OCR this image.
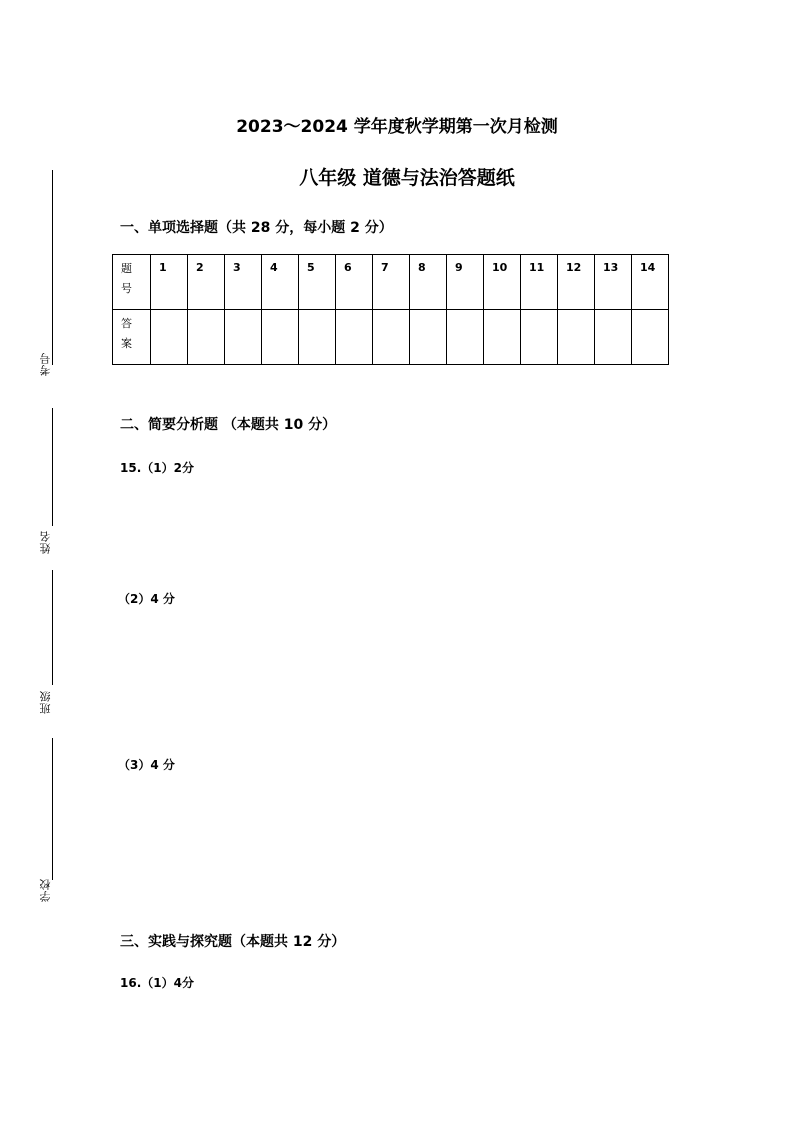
考号
姓名
班级
学校
2023～2024 学年度秋学期第一次月检测
八年级 道德与法治答题纸
一、单项选择题（共 28 分，每小题 2 分）
题号	1	2	3	4	5	6	7	8	9	10	11	12	13	14

答案														

二、简要分析题 （本题共 10 分）
15.（1）2分
（2）4 分
（3）4 分
三、实践与探究题（本题共 12 分）
16.（1）4分
